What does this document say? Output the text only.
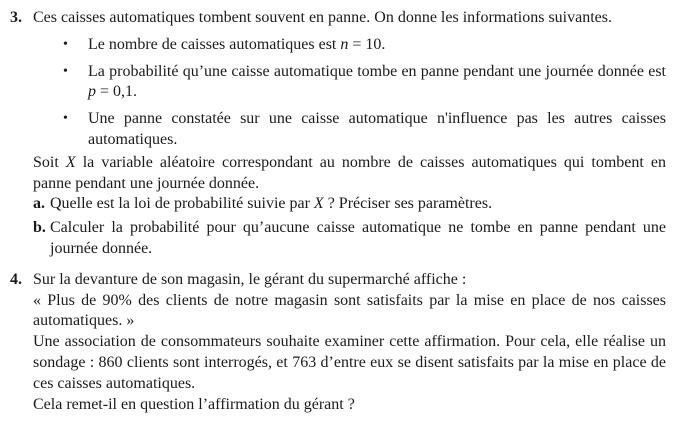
3. Ces caisses automatiques tombent souvent en panne. On donne les informations suivantes.

•	Le nombre de caisses automatiques est n = 10.

•	La probabilité qu’une caisse automatique tombe en panne pendant une journée donnée est p = 0,1.

•	Une panne constatée sur une caisse automatique n'influence pas les autres caisses automatiques.

Soit X la variable aléatoire correspondant au nombre de caisses automatiques qui tombent en panne pendant une journée donnée.

a. Quelle est la loi de probabilité suivie par X ? Préciser ses paramètres.

b. Calculer la probabilité pour qu’aucune caisse automatique ne tombe en panne pendant une journée donnée.

4. Sur la devanture de son magasin, le gérant du supermarché affiche :

« Plus de 90% des clients de notre magasin sont satisfaits par la mise en place de nos caisses automatiques. »

Une association de consommateurs souhaite examiner cette affirmation. Pour cela, elle réalise un sondage : 860 clients sont interrogés, et 763 d’entre eux se disent satisfaits par la mise en place de ces caisses automatiques.

Cela remet-il en question l’affirmation du gérant ?
